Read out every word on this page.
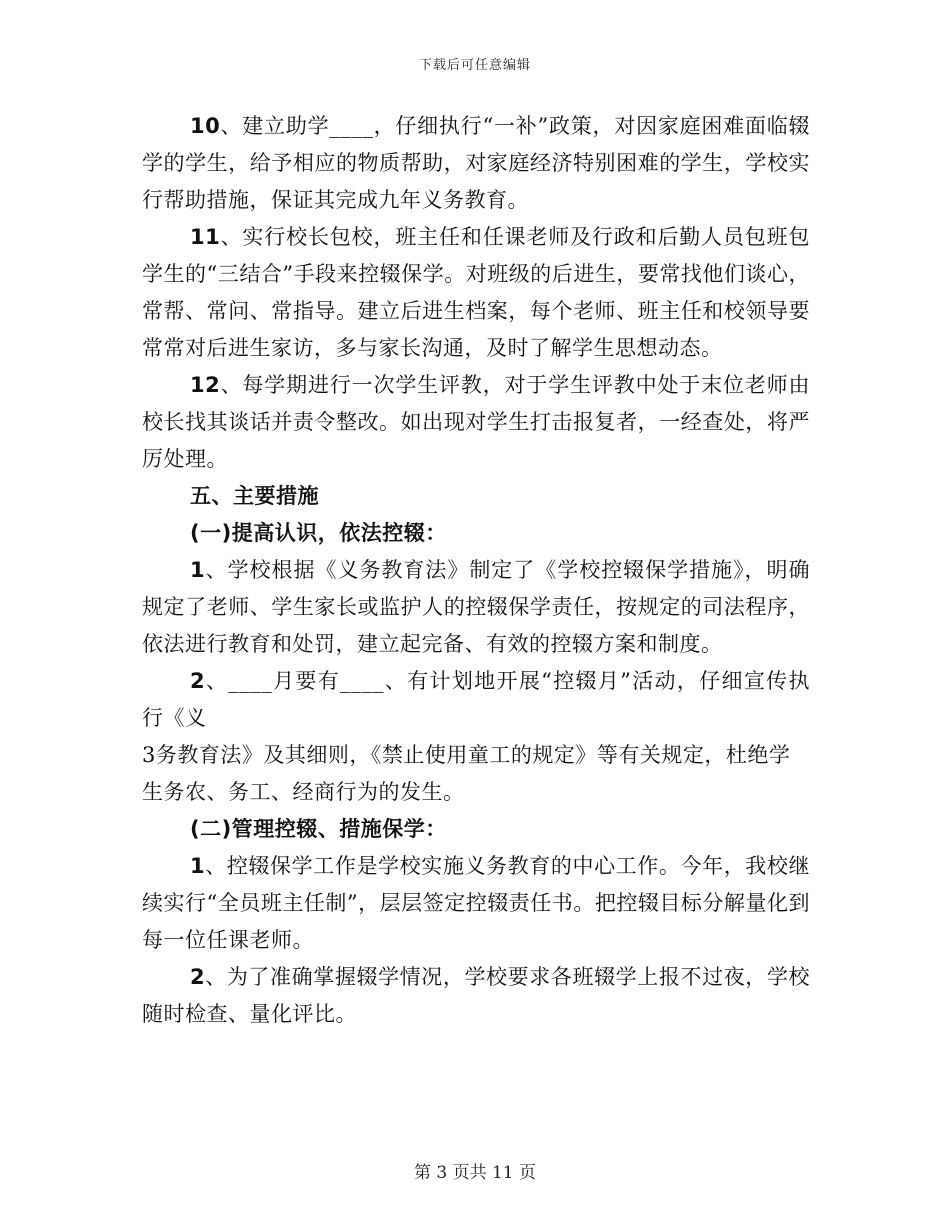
下载后可任意编辑

10、建立助学____，仔细执行“一补”政策，对因家庭困难面临辍学的学生，给予相应的物质帮助，对家庭经济特别困难的学生，学校实行帮助措施，保证其完成九年义务教育。

11、实行校长包校，班主任和任课老师及行政和后勤人员包班包学生的“三结合”手段来控辍保学。对班级的后进生，要常找他们谈心，常帮、常问、常指导。建立后进生档案，每个老师、班主任和校领导要常常对后进生家访，多与家长沟通，及时了解学生思想动态。

12、每学期进行一次学生评教，对于学生评教中处于末位老师由校长找其谈话并责令整改。如出现对学生打击报复者，一经查处，将严厉处理。

五、主要措施

(一)提高认识，依法控辍：

1、学校根据《义务教育法》制定了《学校控辍保学措施》，明确规定了老师、学生家长或监护人的控辍保学责任，按规定的司法程序，依法进行教育和处罚，建立起完备、有效的控辍方案和制度。

2、____月要有____、有计划地开展“控辍月”活动，仔细宣传执行《义

3务教育法》及其细则，《禁止使用童工的规定》等有关规定，杜绝学生务农、务工、经商行为的发生。

(二)管理控辍、措施保学：

1、控辍保学工作是学校实施义务教育的中心工作。今年，我校继续实行“全员班主任制”，层层签定控辍责任书。把控辍目标分解量化到每一位任课老师。

2、为了准确掌握辍学情况，学校要求各班辍学上报不过夜，学校随时检查、量化评比。

第 3 页共 11 页
